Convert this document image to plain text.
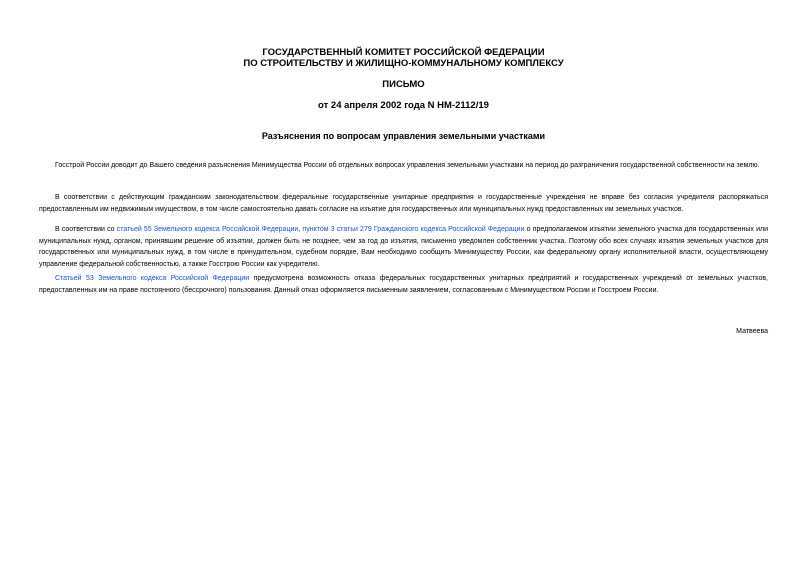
ГОСУДАРСТВЕННЫЙ КОМИТЕТ РОССИЙСКОЙ ФЕДЕРАЦИИ
ПО СТРОИТЕЛЬСТВУ И ЖИЛИЩНО-КОММУНАЛЬНОМУ КОМПЛЕКСУ
ПИСЬМО
от 24 апреля 2002 года N НМ-2112/19
Разъяснения по вопросам управления земельными участками

Госстрой России доводит до Вашего сведения разъяснения Минимущества России об отдельных вопросах управления земельными участками на период до разграничения государственной собственности на землю.

В соответствии с действующим гражданским законодательством федеральные государственные унитарные предприятия и государственные учреждения не вправе без согласия учредителя распоряжаться предоставленным им недвижимым имуществом, в том числе самостоятельно давать согласие на изъятие для государственных или муниципальных нужд предоставленных им земельных участков.

В соответствии со статьей 55 Земельного кодекса Российской Федерации, пунктом 3 статьи 279 Гражданского кодекса Российской Федерации о предполагаемом изъятии земельного участка для государственных или муниципальных нужд, органом, принявшим решение об изъятии, должен быть не позднее, чем за год до изъятия, письменно уведомлен собственник участка. Поэтому обо всех случаях изъятия земельных участков для государственных или муниципальных нужд, в том числе в принудительном, судебном порядке, Вам необходимо сообщить Минимуществу России, как федеральному органу исполнительной власти, осуществляющему управление федеральной собственностью, а также Госстрою России как учредителю.

Статьей 53 Земельного кодекса Российской Федерации предусмотрена возможность отказа федеральных государственных унитарных предприятий и государственных учреждений от земельных участков, предоставленных им на праве постоянного (бессрочного) пользования. Данный отказ оформляется письменным заявлением, согласованным с Минимуществом России и Госстроем России.

Матвеева
